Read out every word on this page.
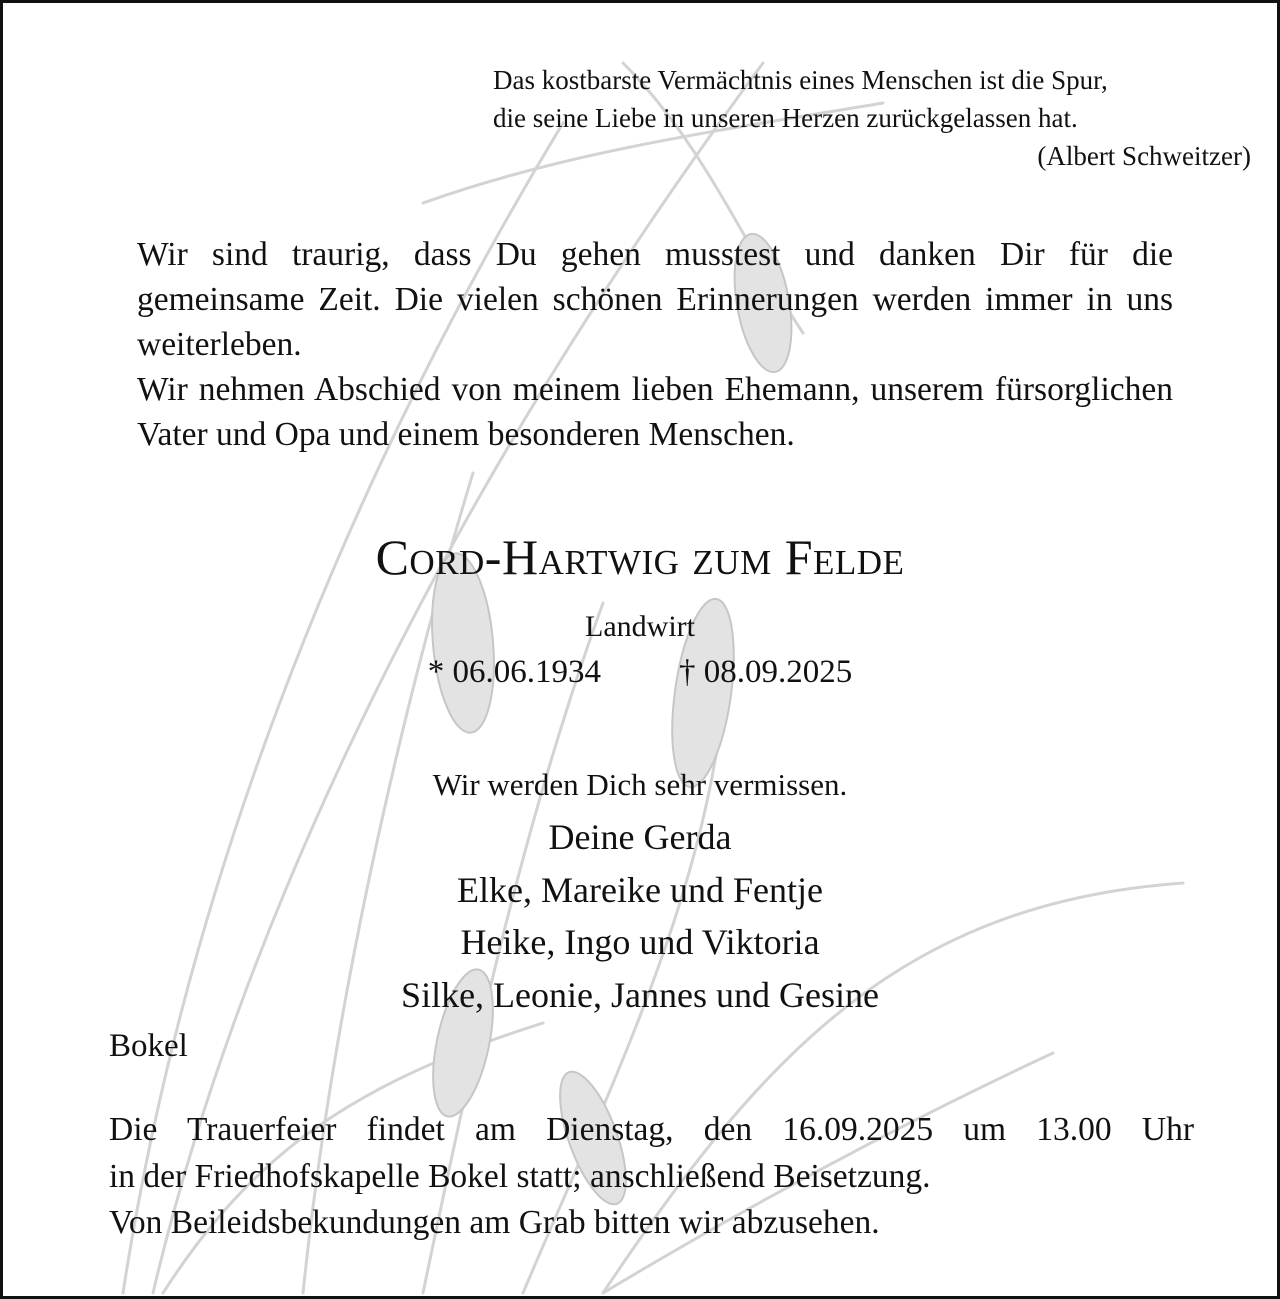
Das kostbarste Vermächtnis eines Menschen ist die Spur,
die seine Liebe in unseren Herzen zurückgelassen hat.
(Albert Schweitzer)

Wir sind traurig, dass Du gehen musstest und danken Dir für die gemeinsame Zeit. Die vielen schönen Erinnerungen werden immer in uns weiterleben.

Wir nehmen Abschied von meinem lieben Ehemann, unserem fürsorglichen Vater und Opa und einem besonderen Menschen.

Cord-Hartwig zum Felde
Landwirt
* 06.06.1934 † 08.09.2025
Wir werden Dich sehr vermissen.
Deine Gerda
Elke, Mareike und Fentje
Heike, Ingo und Viktoria
Silke, Leonie, Jannes und Gesine
Bokel
Die Trauerfeier findet am Dienstag, den 16.09.2025 um 13.00 Uhr
in der Friedhofskapelle Bokel statt; anschließend Beisetzung.
Von Beileidsbekundungen am Grab bitten wir abzusehen.
